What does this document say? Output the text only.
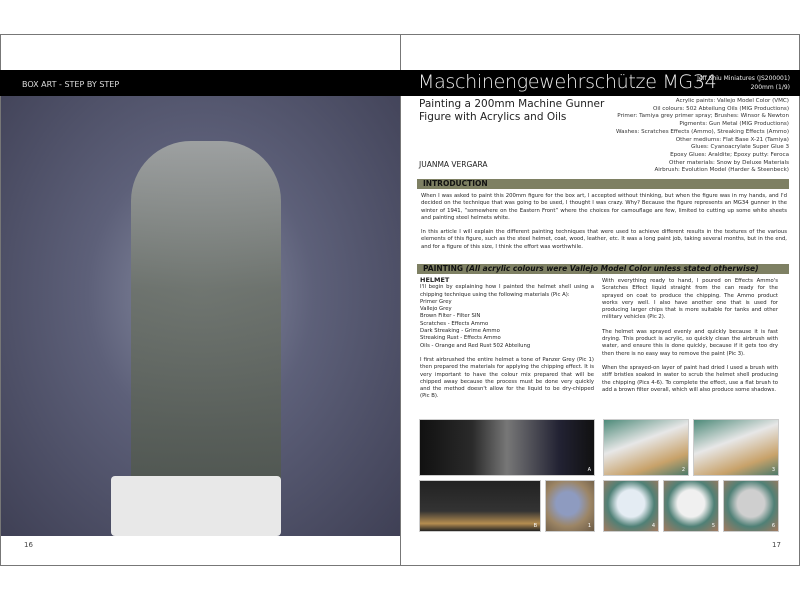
Painting a 200mm Machine Gunner Figure with Acrylics and Oils
JUANMA VERGARA
Acrylic paints: Vallejo Model Color (VMC)
Oil colours: 502 Abteilung Oils (MIG Productions)
Primer: Tamiya grey primer spray; Brushes: Winsor & Newton
Pigments: Gun Metal (MIG Productions)
Washes: Scratches Effects (Ammo), Streaking Effects (Ammo)
Other mediums: Flat Base X-21 (Tamiya)
Glues: Cyanoacrylate Super Glue 3
Epoxy Glues: Araldite; Epoxy putty: Feroca
Other materials: Snow by Deluxe Materials
Airbrush: Evolution Model (Harder & Steenbeck)
INTRODUCTION

When I was asked to paint this 200mm figure for the box art, I accepted without thinking, but when the figure was in my hands, and I'd decided on the technique that was going to be used, I thought I was crazy. Why? Because the figure represents an MG34 gunner in the winter of 1941, “somewhere on the Eastern Front” where the choices for camouflage are few, limited to cutting up some white sheets and painting steel helmets white.

In this article I will explain the different painting techniques that were used to achieve different results in the textures of the various elements of this figure, such as the steel helmet, coat, wood, leather, etc. It was a long paint job, taking several months, but in the end, and for a figure of this size, I think the effort was worthwhile.

PAINTING (All acrylic colours were Vallejo Model Color unless stated otherwise)
HELMET
I'll begin by explaining how I painted the helmet shell using a chipping technique using the following materials (Pic A):
Primer Grey
Vallejo Grey
Brown Filter - Filter SIN
Scratches - Effects Ammo
Dark Streaking - Grime Ammo
Streaking Rust - Effects Ammo
Oils - Orange and Red Rust 502 Abteilung

I first airbrushed the entire helmet a tone of Panzer Grey (Pic 1) then prepared the materials for applying the chipping effect. It is very important to have the colour mix prepared that will be chipped away because the process must be done very quickly and the method doesn't allow for the liquid to be dry-chipped (Pic B).

With everything ready to hand, I poured on Effects Ammo's Scratches Effect liquid straight from the can ready for the sprayed on coat to produce the chipping. The Ammo product works very well. I also have another one that is used for producing larger chips that is more suitable for tanks and other military vehicles (Pic 2).

The helmet was sprayed evenly and quickly because it is fast drying. This product is acrylic, so quickly clean the airbrush with water, and ensure this is done quickly, because if it gets too dry then there is no easy way to remove the paint (Pic 3).

When the sprayed-on layer of paint had dried I used a brush with stiff bristles soaked in water to scrub the helmet shell producing the chipping (Pics 4-6). To complete the effect, use a flat brush to add a brown filter overall, which will also produce some shadows.

A
B	1
2	3
4	5	6
BOX ART - STEP BY STEP	Maschinengewehrschütze MG34
Jeff Shiu Miniatures (JS200001)
200mm (1/9)
16	17
